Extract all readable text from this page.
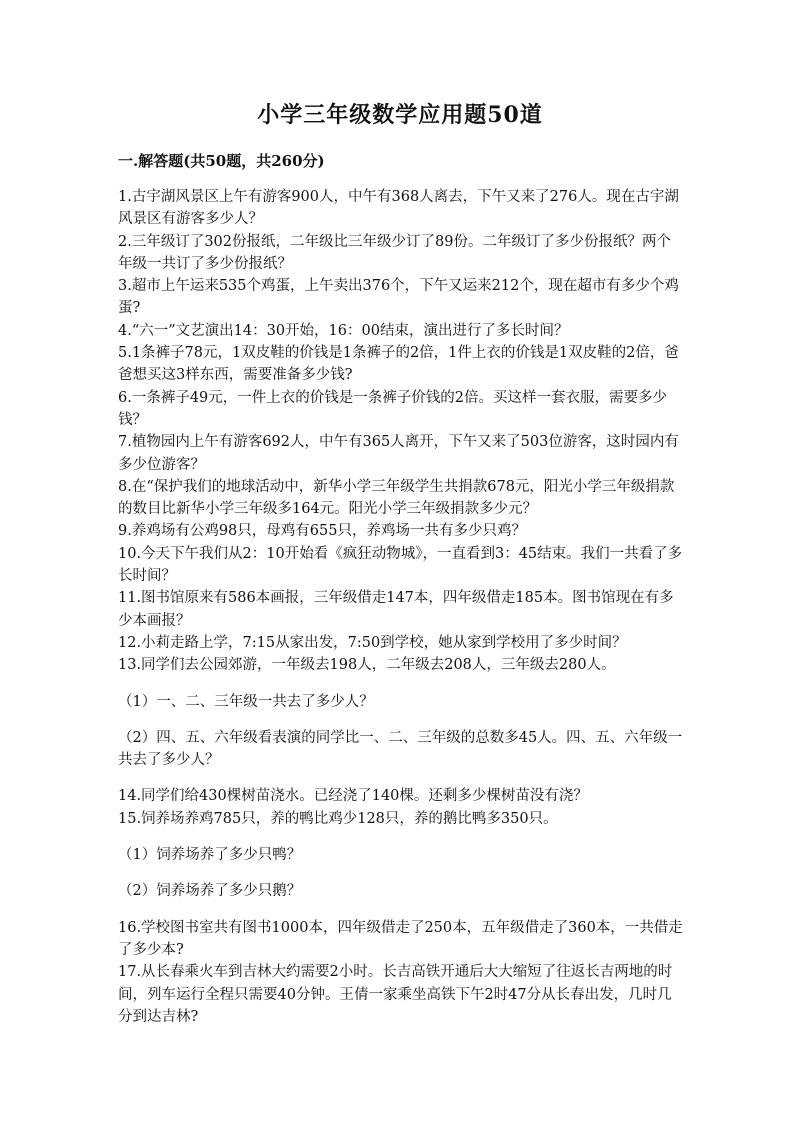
小学三年级数学应用题50道
一.解答题(共50题，共260分)

1.古宇湖风景区上午有游客900人，中午有368人离去，下午又来了276人。现在古宇湖风景区有游客多少人？

2.三年级订了302份报纸，二年级比三年级少订了89份。二年级订了多少份报纸？两个年级一共订了多少份报纸？

3.超市上午运来535个鸡蛋，上午卖出376个，下午又运来212个，现在超市有多少个鸡蛋?

4.“六一”文艺演出14：30开始，16：00结束，演出进行了多长时间？

5.1条裤子78元，1双皮鞋的价钱是1条裤子的2倍，1件上衣的价钱是1双皮鞋的2倍，爸爸想买这3样东西，需要准备多少钱?

6.一条裤子49元，一件上衣的价钱是一条裤子价钱的2倍。买这样一套衣服，需要多少钱？

7.植物园内上午有游客692人，中午有365人离开，下午又来了503位游客，这时园内有多少位游客？

8.在“保护我们的地球活动中，新华小学三年级学生共捐款678元，阳光小学三年级捐款的数目比新华小学三年级多164元。阳光小学三年级捐款多少元？

9.养鸡场有公鸡98只，母鸡有655只，养鸡场一共有多少只鸡？

10.今天下午我们从2：10开始看《疯狂动物城》，一直看到3：45结束。我们一共看了多长时间？

11.图书馆原来有586本画报，三年级借走147本，四年级借走185本。图书馆现在有多少本画报？

12.小莉走路上学，7:15从家出发，7:50到学校，她从家到学校用了多少时间？

13.同学们去公园郊游，一年级去198人，二年级去208人，三年级去280人。

（1）一、二、三年级一共去了多少人？

（2）四、五、六年级看表演的同学比一、二、三年级的总数多45人。四、五、六年级一共去了多少人？

14.同学们给430棵树苗浇水。已经浇了140棵。还剩多少棵树苗没有浇？

15.饲养场养鸡785只，养的鸭比鸡少128只，养的鹅比鸭多350只。

（1）饲养场养了多少只鸭？

（2）饲养场养了多少只鹅？

16.学校图书室共有图书1000本，四年级借走了250本，五年级借走了360本，一共借走了多少本?

17.从长春乘火车到吉林大约需要2小时。长吉高铁开通后大大缩短了往返长吉两地的时间，列车运行全程只需要40分钟。王倩一家乘坐高铁下午2时47分从长春出发，几时几分到达吉林?
